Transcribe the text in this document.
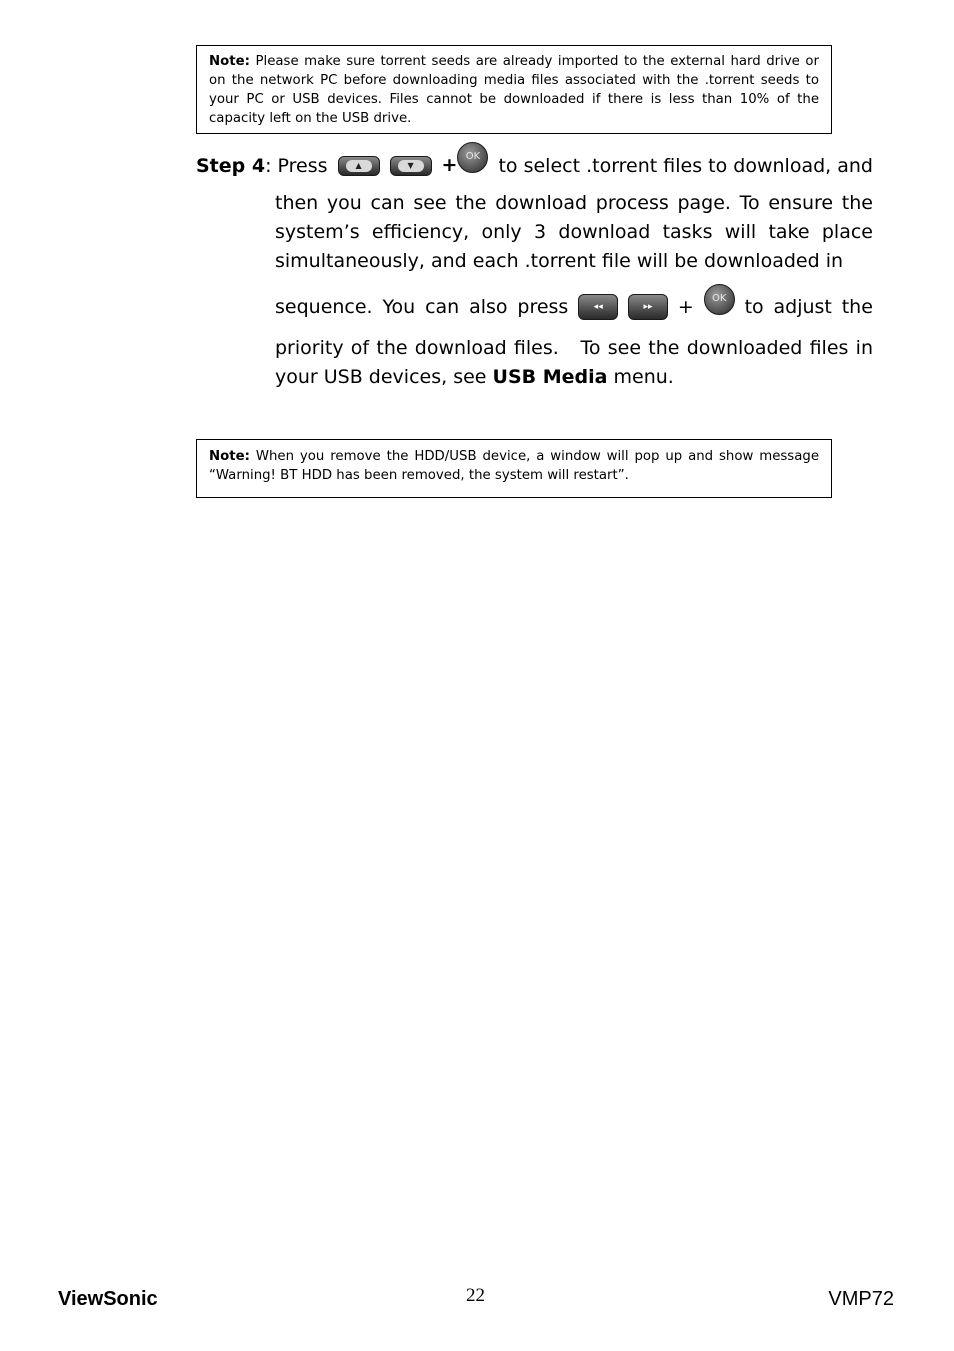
Note: Please make sure torrent seeds are already imported to the external hard drive or on the network PC before downloading media files associated with the .torrent seeds to your PC or USB devices. Files cannot be downloaded if there is less than 10% of the capacity left on the USB drive.
Step 4: Press	▲	▼	+ OK to select .torrent files to download, and
then you can see the download process page. To ensure the system’s efficiency, only 3 download tasks will take place simultaneously, and each .torrent file will be downloaded in
sequence. You can also press	◂◂	▸▸	+	OK to adjust the
priority of the download files.   To see the downloaded files in your USB devices, see USB Media menu.
Note: When you remove the HDD/USB device, a window will pop up and show message “Warning! BT HDD has been removed, the system will restart”.
ViewSonic	22	VMP72
